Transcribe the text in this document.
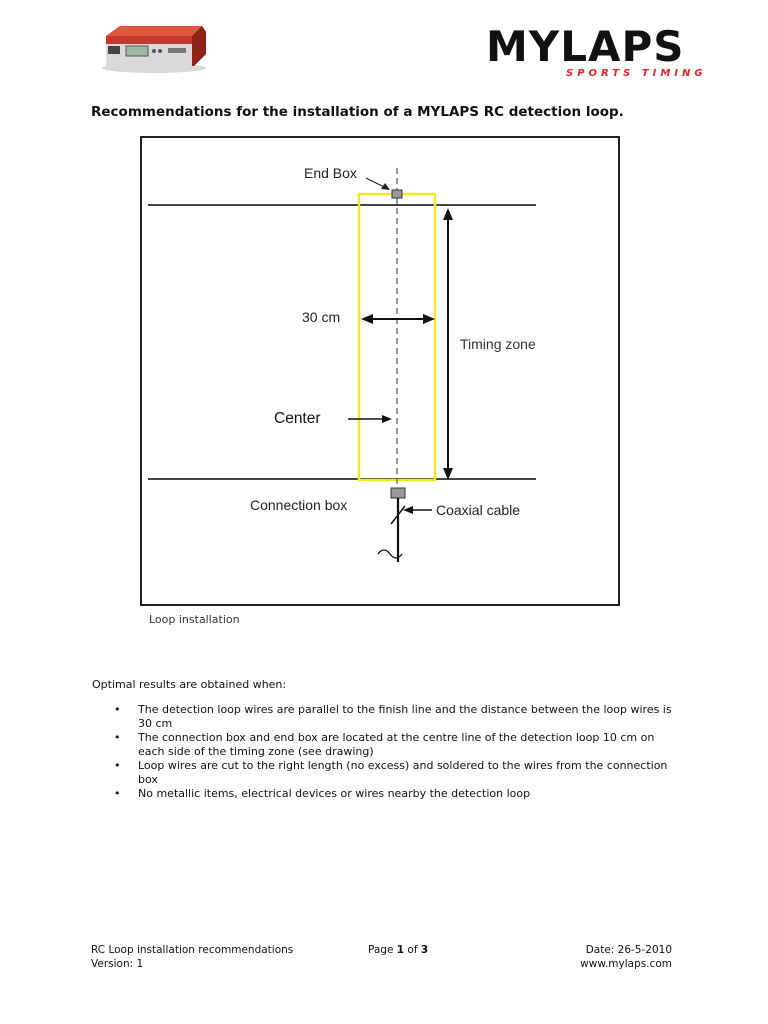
MYLAPS
SPORTS TIMING
Recommendations for the installation of a MYLAPS RC detection loop.
End Box
30 cm
Timing zone
Center
Connection box	Coaxial cable
Loop installation
Optimal results are obtained when:
• The detection loop wires are parallel to the finish line and the distance between the loop wires is 30 cm
• The connection box and end box are located at the centre line of the detection loop 10 cm on each side of the timing zone (see drawing)
• Loop wires are cut to the right length (no excess) and soldered to the wires from the connection box
• No metallic items, electrical devices or wires nearby the detection loop
RC Loop installation recommendations
Version: 1
Page 1 of 3	Date: 26-5-2010
www.mylaps.com
